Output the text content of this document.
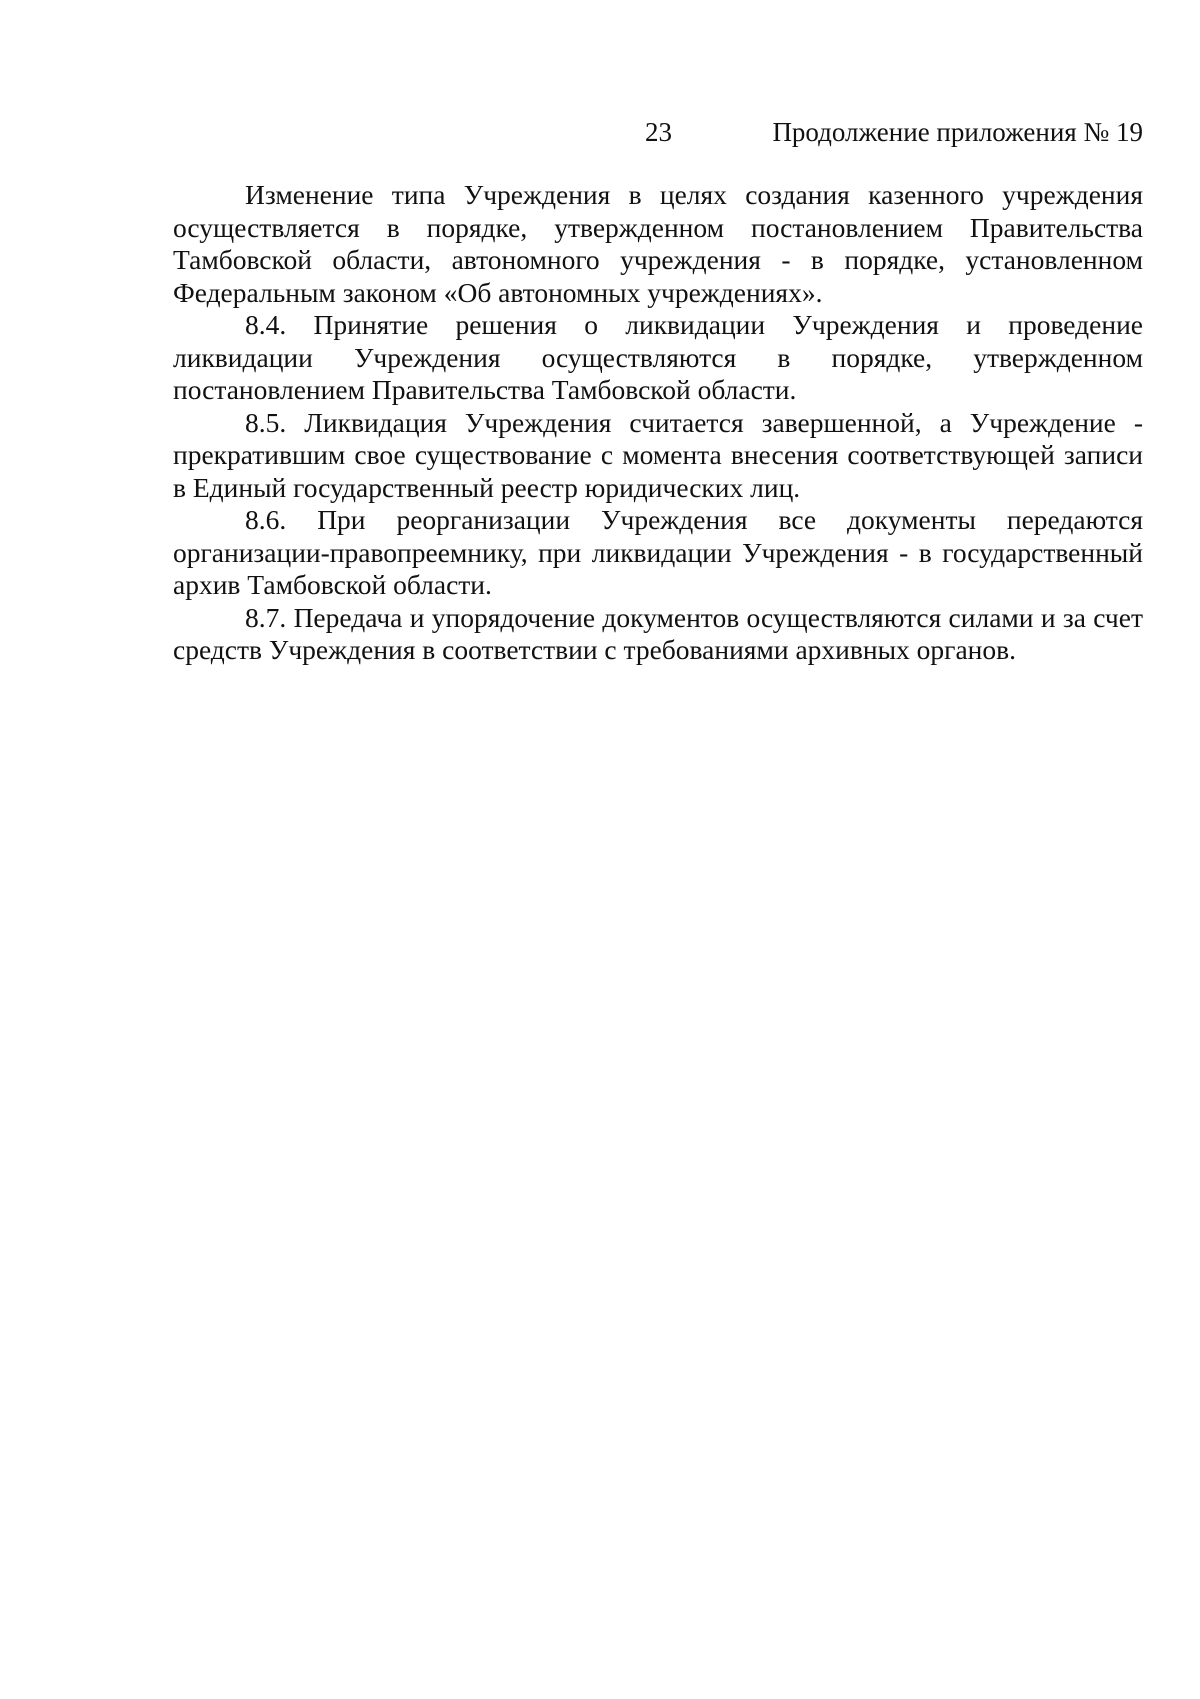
23	Продолжение приложения № 19

Изменение типа Учреждения в целях создания казенного учреждения осуществляется в порядке, утвержденном постановлением Правительства Тамбовской области, автономного учреждения - в порядке, установленном Федеральным законом «Об автономных учреждениях».

8.4. Принятие решения о ликвидации Учреждения и проведение ликвидации Учреждения осуществляются в порядке, утвержденном постановлением Правительства Тамбовской области.

8.5. Ликвидация Учреждения считается завершенной, а Учреждение - прекратившим свое существование с момента внесения соответствующей записи в Единый государственный реестр юридических лиц.

8.6. При реорганизации Учреждения все документы передаются организации-правопреемнику, при ликвидации Учреждения - в государственный архив Тамбовской области.

8.7. Передача и упорядочение документов осуществляются силами и за счет средств Учреждения в соответствии с требованиями архивных органов.
